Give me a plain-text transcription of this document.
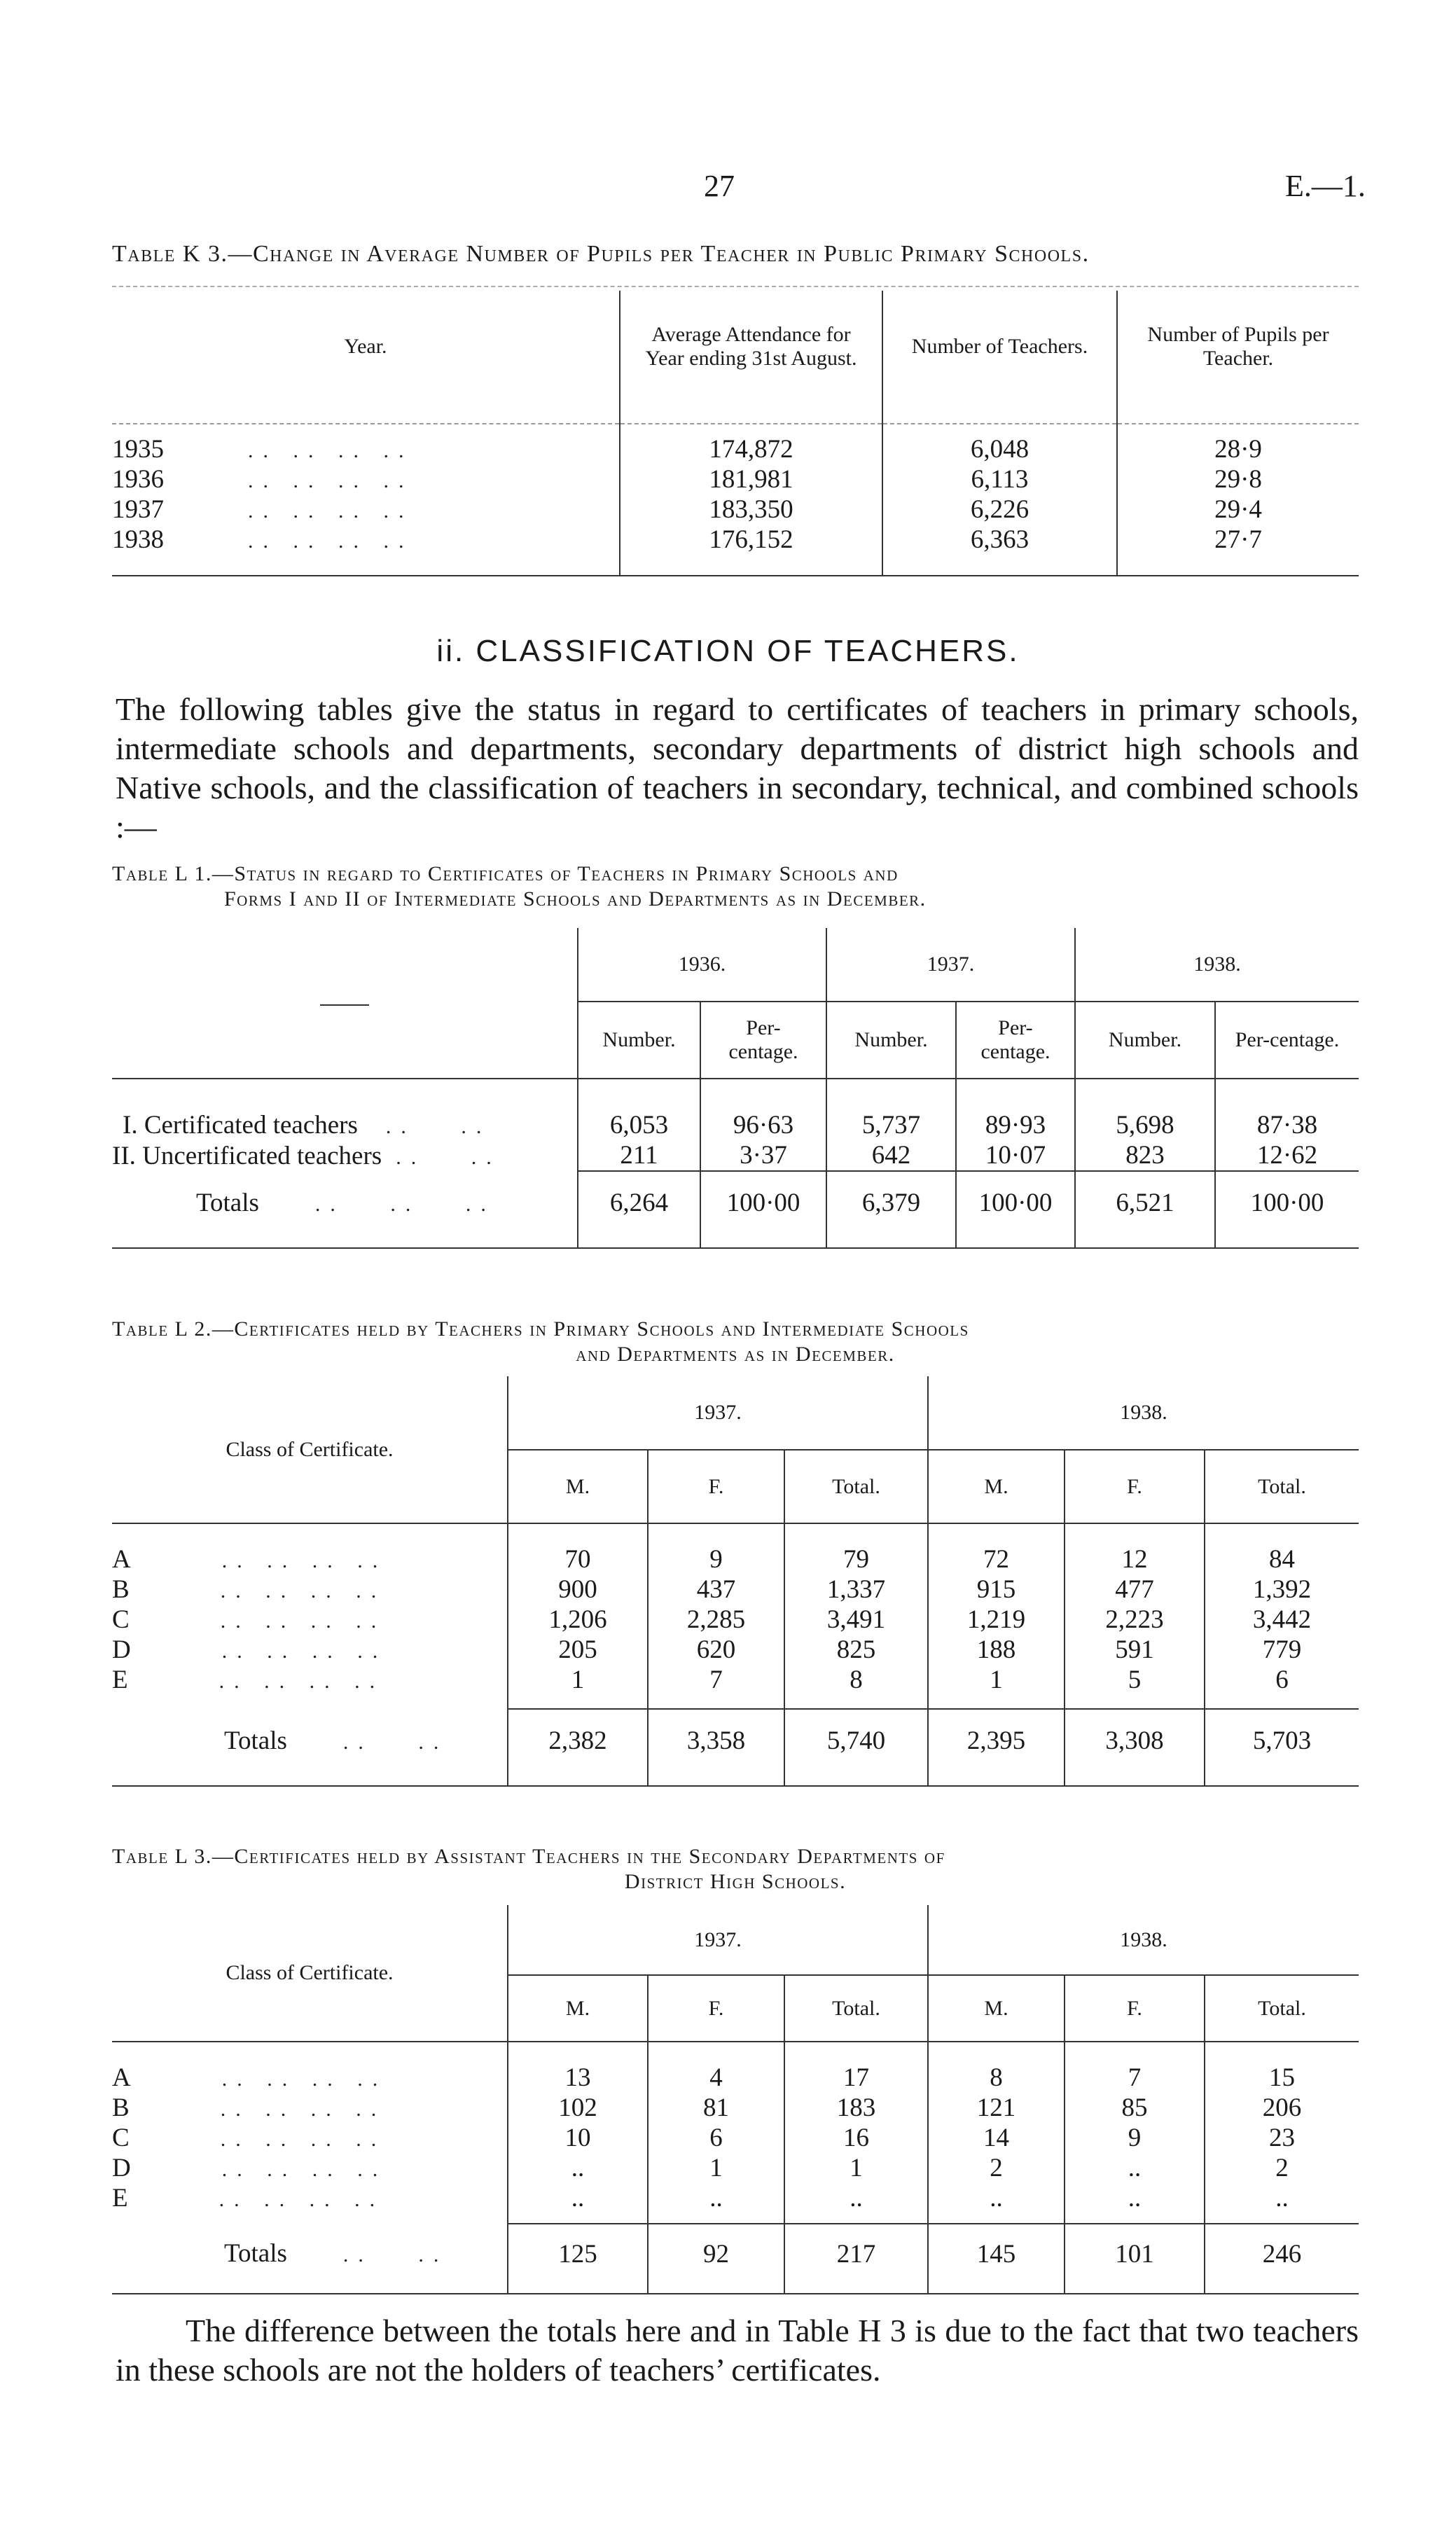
27	E.—1.
Table K 3.—Change in Average Number of Pupils per Teacher in Public Primary Schools.
Year.	Average Attendance for Year ending 31st August.	Number of Teachers.	Number of Pupils per Teacher.

1935 .. .. .. ..	174,872	6,048	28·9
1936 .. .. .. ..	181,981	6,113	29·8
1937 .. .. .. ..	183,350	6,226	29·4
1938 .. .. .. ..	176,152	6,363	27·7

ii. CLASSIFICATION OF TEACHERS.
The following tables give the status in regard to certificates of teachers in primary schools, intermediate schools and departments, secondary departments of district high schools and Native schools, and the classification of teachers in secondary, technical, and combined schools :—
Table L 1.—Status in regard to Certificates of Teachers in Primary Schools and
Forms I and II of Intermediate Schools and Departments as in December.
	1936.		1937.		1938.	
	Number.	Per-centage.	Number.	Per-centage.	Number.	Per-centage.

I. Certificated teachers ..   ..	6,053	96·63	5,737	89·93	5,698	87·38
II. Uncertificated teachers ..   ..	211	3·37	642	10·07	823	12·62
Totals ..   ..   ..	6,264	100·00	6,379	100·00	6,521	100·00

Table L 2.—Certificates held by Teachers in Primary Schools and Intermediate Schools
and Departments as in December.
Class of Certificate.	1937.			1938.		
	M.	F.	Total.	M.	F.	Total.

A .. .. .. ..	70	9	79	72	12	84
B .. .. .. ..	900	437	1,337	915	477	1,392
C .. .. .. ..	1,206	2,285	3,491	1,219	2,223	3,442
D .. .. .. ..	205	620	825	188	591	779
E .. .. .. ..	1	7	8	1	5	6

Totals ..   ..	2,382	3,358	5,740	2,395	3,308	5,703

Table L 3.—Certificates held by Assistant Teachers in the Secondary Departments of
District High Schools.
Class of Certificate.	1937.			1938.		
	M.	F.	Total.	M.	F.	Total.

A .. .. .. ..	13	4	17	8	7	15
B .. .. .. ..	102	81	183	121	85	206
C .. .. .. ..	10	6	16	14	9	23
D .. .. .. ..	..	1	1	2	..	2
E .. .. .. ..	..	..	..	..	..	..

Totals ..   ..	125	92	217	145	101	246

The difference between the totals here and in Table H 3 is due to the fact that two teachers in these schools are not the holders of teachers’ certificates.
